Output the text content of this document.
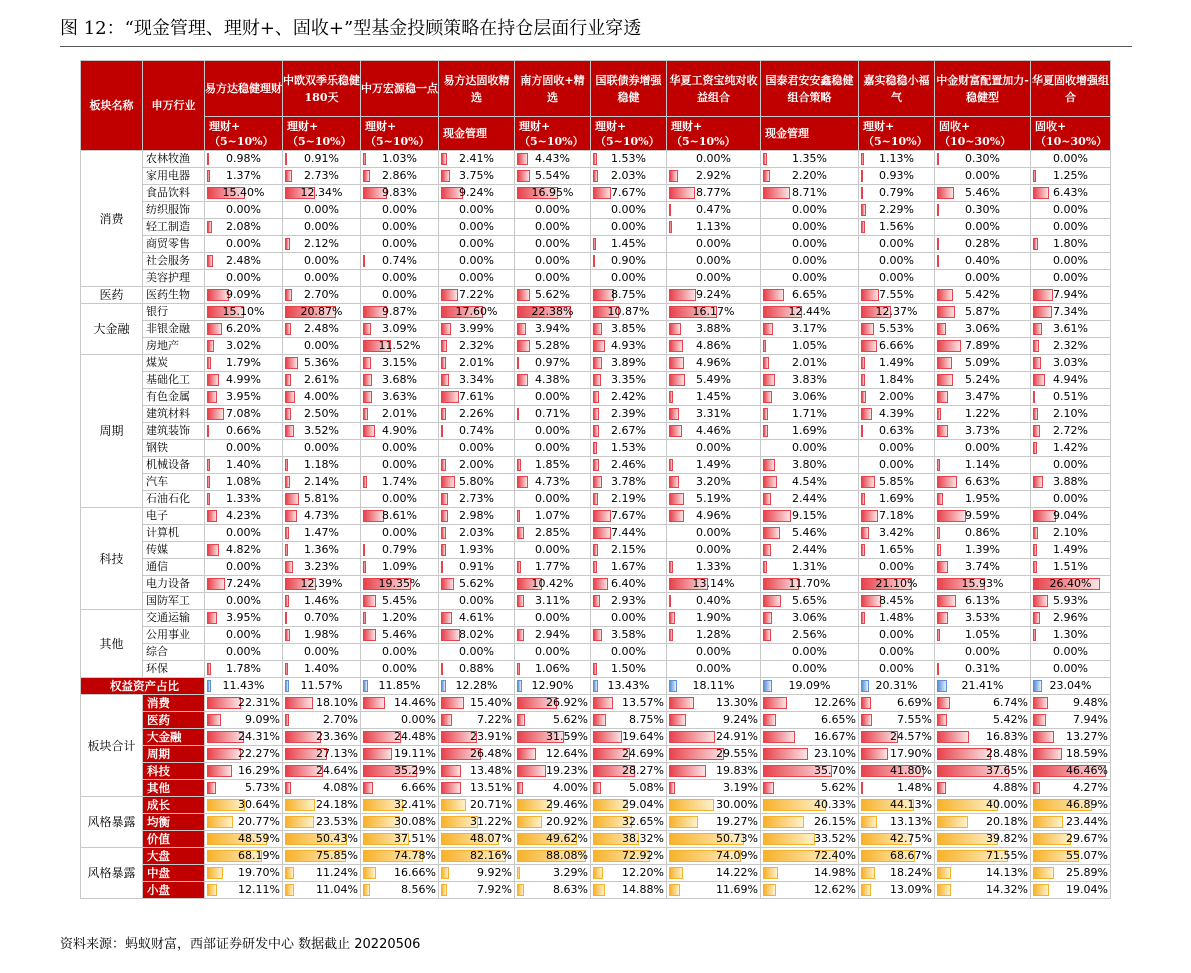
图 12：“现金管理、理财+、固收+”型基金投顾策略在持仓层面行业穿透
板块名称	申万行业	易方达稳健理财	中欧双季乐稳健180天	中万宏源稳一点	易方达固收精选	南方固收+精选	国联债券增强稳健	华夏工资宝纯对收益组合	国泰君安安鑫稳健组合策略	嘉实稳稳小福气	中金财富配置加力-稳健型	华夏固收增强组合
		理财+ （5~10%）	理财+ （5~10%）	理财+ （5~10%）	现金管理	理财+ （5~10%）	理财+ （5~10%）	理财+ （5~10%）	现金管理	理财+ （5~10%）	固收+ （10~30%）	固收+ （10~30%）
消费	农林牧渔	0.98%	0.91%	1.03%	2.41%	4.43%	1.53%	0.00%	1.35%	1.13%	0.30%	0.00%
	家用电器	1.37%	2.73%	2.86%	3.75%	5.54%	2.03%	2.92%	2.20%	0.93%	0.00%	1.25%
	食品饮料	15.40%	12.34%	9.83%	9.24%	16.95%	7.67%	8.77%	8.71%	0.79%	5.46%	6.43%
	纺织服饰	0.00%	0.00%	0.00%	0.00%	0.00%	0.00%	0.47%	0.00%	2.29%	0.30%	0.00%
	轻工制造	2.08%	0.00%	0.00%	0.00%	0.00%	0.00%	1.13%	0.00%	1.56%	0.00%	0.00%
	商贸零售	0.00%	2.12%	0.00%	0.00%	0.00%	1.45%	0.00%	0.00%	0.00%	0.28%	1.80%
	社会服务	2.48%	0.00%	0.74%	0.00%	0.00%	0.90%	0.00%	0.00%	0.00%	0.40%	0.00%
	美容护理	0.00%	0.00%	0.00%	0.00%	0.00%	0.00%	0.00%	0.00%	0.00%	0.00%	0.00%
医药	医药生物	9.09%	2.70%	0.00%	7.22%	5.62%	8.75%	9.24%	6.65%	7.55%	5.42%	7.94%
大金融	银行	15.10%	20.87%	9.87%	17.60%	22.38%	10.87%	16.17%	12.44%	12.37%	5.87%	7.34%
	非银金融	6.20%	2.48%	3.09%	3.99%	3.94%	3.85%	3.88%	3.17%	5.53%	3.06%	3.61%
	房地产	3.02%	0.00%	11.52%	2.32%	5.28%	4.93%	4.86%	1.05%	6.66%	7.89%	2.32%
周期	煤炭	1.79%	5.36%	3.15%	2.01%	0.97%	3.89%	4.96%	2.01%	1.49%	5.09%	3.03%
	基础化工	4.99%	2.61%	3.68%	3.34%	4.38%	3.35%	5.49%	3.83%	1.84%	5.24%	4.94%
	有色金属	3.95%	4.00%	3.63%	7.61%	0.00%	2.42%	1.45%	3.06%	2.00%	3.47%	0.51%
	建筑材料	7.08%	2.50%	2.01%	2.26%	0.71%	2.39%	3.31%	1.71%	4.39%	1.22%	2.10%
	建筑装饰	0.66%	3.52%	4.90%	0.74%	0.00%	2.67%	4.46%	1.69%	0.63%	3.73%	2.72%
	钢铁	0.00%	0.00%	0.00%	0.00%	0.00%	1.53%	0.00%	0.00%	0.00%	0.00%	1.42%
	机械设备	1.40%	1.18%	0.00%	2.00%	1.85%	2.46%	1.49%	3.80%	0.00%	1.14%	0.00%
	汽车	1.08%	2.14%	1.74%	5.80%	4.73%	3.78%	3.20%	4.54%	5.85%	6.63%	3.88%
	石油石化	1.33%	5.81%	0.00%	2.73%	0.00%	2.19%	5.19%	2.44%	1.69%	1.95%	0.00%
科技	电子	4.23%	4.73%	8.61%	2.98%	1.07%	7.67%	4.96%	9.15%	7.18%	9.59%	9.04%
	计算机	0.00%	1.47%	0.00%	2.03%	2.85%	7.44%	0.00%	5.46%	3.42%	0.86%	2.10%
	传媒	4.82%	1.36%	0.79%	1.93%	0.00%	2.15%	0.00%	2.44%	1.65%	1.39%	1.49%
	通信	0.00%	3.23%	1.09%	0.91%	1.77%	1.67%	1.33%	1.31%	0.00%	3.74%	1.51%
	电力设备	7.24%	12.39%	19.35%	5.62%	10.42%	6.40%	13.14%	11.70%	21.10%	15.93%	26.40%
	国防军工	0.00%	1.46%	5.45%	0.00%	3.11%	2.93%	0.40%	5.65%	8.45%	6.13%	5.93%
其他	交通运输	3.95%	0.70%	1.20%	4.61%	0.00%	0.00%	1.90%	3.06%	1.48%	3.53%	2.96%
	公用事业	0.00%	1.98%	5.46%	8.02%	2.94%	3.58%	1.28%	2.56%	0.00%	1.05%	1.30%
	综合	0.00%	0.00%	0.00%	0.00%	0.00%	0.00%	0.00%	0.00%	0.00%	0.00%	0.00%
	环保	1.78%	1.40%	0.00%	0.88%	1.06%	1.50%	0.00%	0.00%	0.00%	0.31%	0.00%
权益资产占比		11.43%	11.57%	11.85%	12.28%	12.90%	13.43%	18.11%	19.09%	20.31%	21.41%	23.04%
板块合计	消费	22.31%	18.10%	14.46%	15.40%	26.92%	13.57%	13.30%	12.26%	6.69%	6.74%	9.48%
	医药	9.09%	2.70%	0.00%	7.22%	5.62%	8.75%	9.24%	6.65%	7.55%	5.42%	7.94%
	大金融	24.31%	23.36%	24.48%	23.91%	31.59%	19.64%	24.91%	16.67%	24.57%	16.83%	13.27%
	周期	22.27%	27.13%	19.11%	26.48%	12.64%	24.69%	29.55%	23.10%	17.90%	28.48%	18.59%
	科技	16.29%	24.64%	35.29%	13.48%	19.23%	28.27%	19.83%	35.70%	41.80%	37.65%	46.46%
	其他	5.73%	4.08%	6.66%	13.51%	4.00%	5.08%	3.19%	5.62%	1.48%	4.88%	4.27%
风格暴露	成长	30.64%	24.18%	32.41%	20.71%	29.46%	29.04%	30.00%	40.33%	44.13%	40.00%	46.89%
	均衡	20.77%	23.53%	30.08%	31.22%	20.92%	32.65%	19.27%	26.15%	13.13%	20.18%	23.44%
	价值	48.59%	50.43%	37.51%	48.07%	49.62%	38.32%	50.73%	33.52%	42.75%	39.82%	29.67%
风格暴露	大盘	68.19%	75.85%	74.78%	82.16%	88.08%	72.92%	74.09%	72.40%	68.67%	71.55%	55.07%
	中盘	19.70%	11.24%	16.66%	9.92%	3.29%	12.20%	14.22%	14.98%	18.24%	14.13%	25.89%
	小盘	12.11%	11.04%	8.56%	7.92%	8.63%	14.88%	11.69%	12.62%	13.09%	14.32%	19.04%
资料来源：蚂蚁财富，西部证券研发中心 数据截止 20220506
